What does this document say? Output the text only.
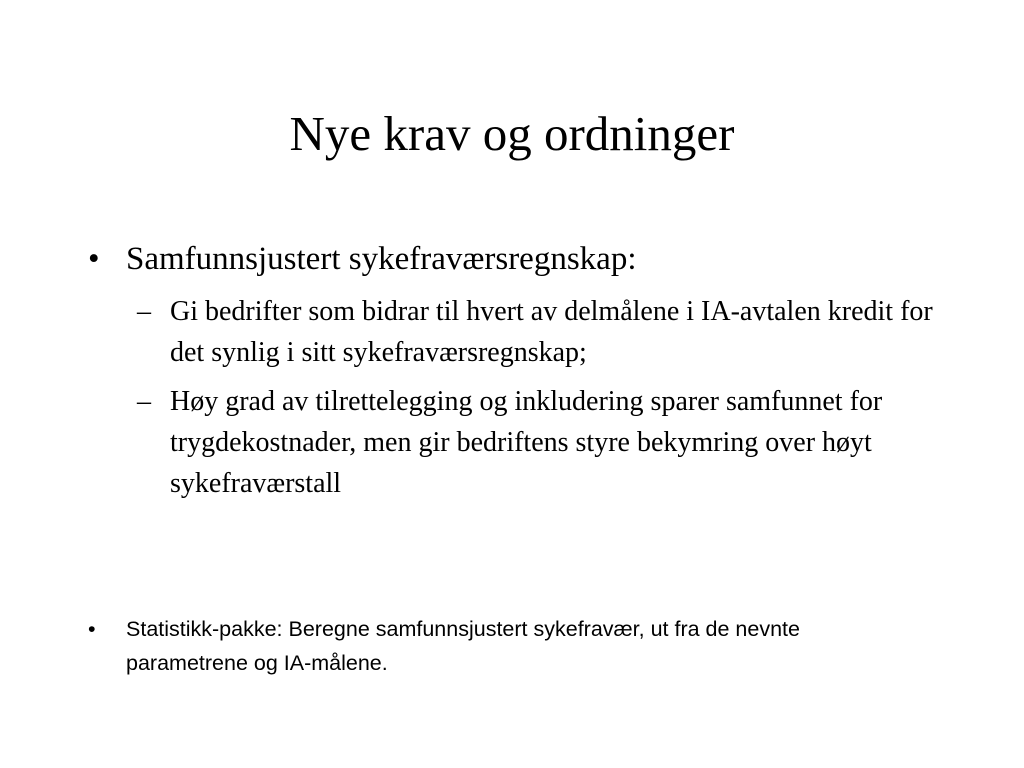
Nye krav og ordninger
• Samfunnsjustert sykefraværsregnskap:
– Gi bedrifter som bidrar til hvert av delmålene i IA-avtalen kredit for det synlig i sitt sykefraværsregnskap;
– Høy grad av tilrettelegging og inkludering sparer samfunnet for trygdekostnader, men gir bedriftens styre bekymring over høyt sykefraværstall
• Statistikk-pakke: Beregne samfunnsjustert sykefravær, ut fra de nevnte parametrene og IA-målene.
